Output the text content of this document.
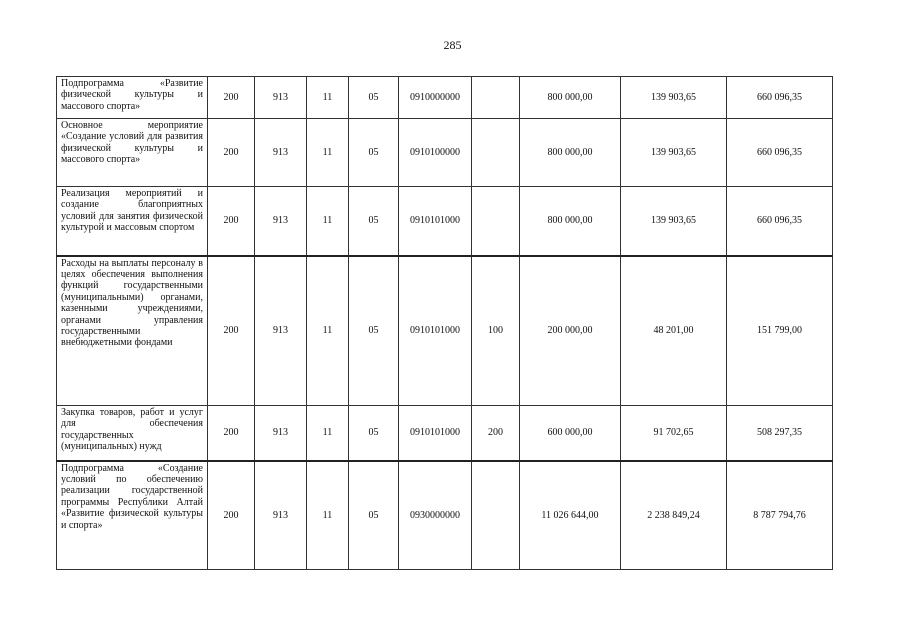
285
Подпрограмма «Развитие физической культуры и массового спорта»	200	913	11	05	0910000000		800 000,00	139 903,65	660 096,35
Основное мероприятие «Создание условий для развития физической культуры и массового спорта»	200	913	11	05	0910100000		800 000,00	139 903,65	660 096,35
Реализация мероприятий и создание благоприятных условий для занятия физической культурой и массовым спортом	200	913	11	05	0910101000		800 000,00	139 903,65	660 096,35
Расходы на выплаты персоналу в целях обеспечения выполнения функций государственными (муниципальными) органами, казенными учреждениями, органами управления государственными внебюджетными фондами	200	913	11	05	0910101000	100	200 000,00	48 201,00	151 799,00
Закупка товаров, работ и услуг для обеспечения государственных (муниципальных) нужд	200	913	11	05	0910101000	200	600 000,00	91 702,65	508 297,35
Подпрограмма «Создание условий по обеспечению реализации государственной программы Республики Алтай «Развитие физической культуры и спорта»	200	913	11	05	0930000000		11 026 644,00	2 238 849,24	8 787 794,76
